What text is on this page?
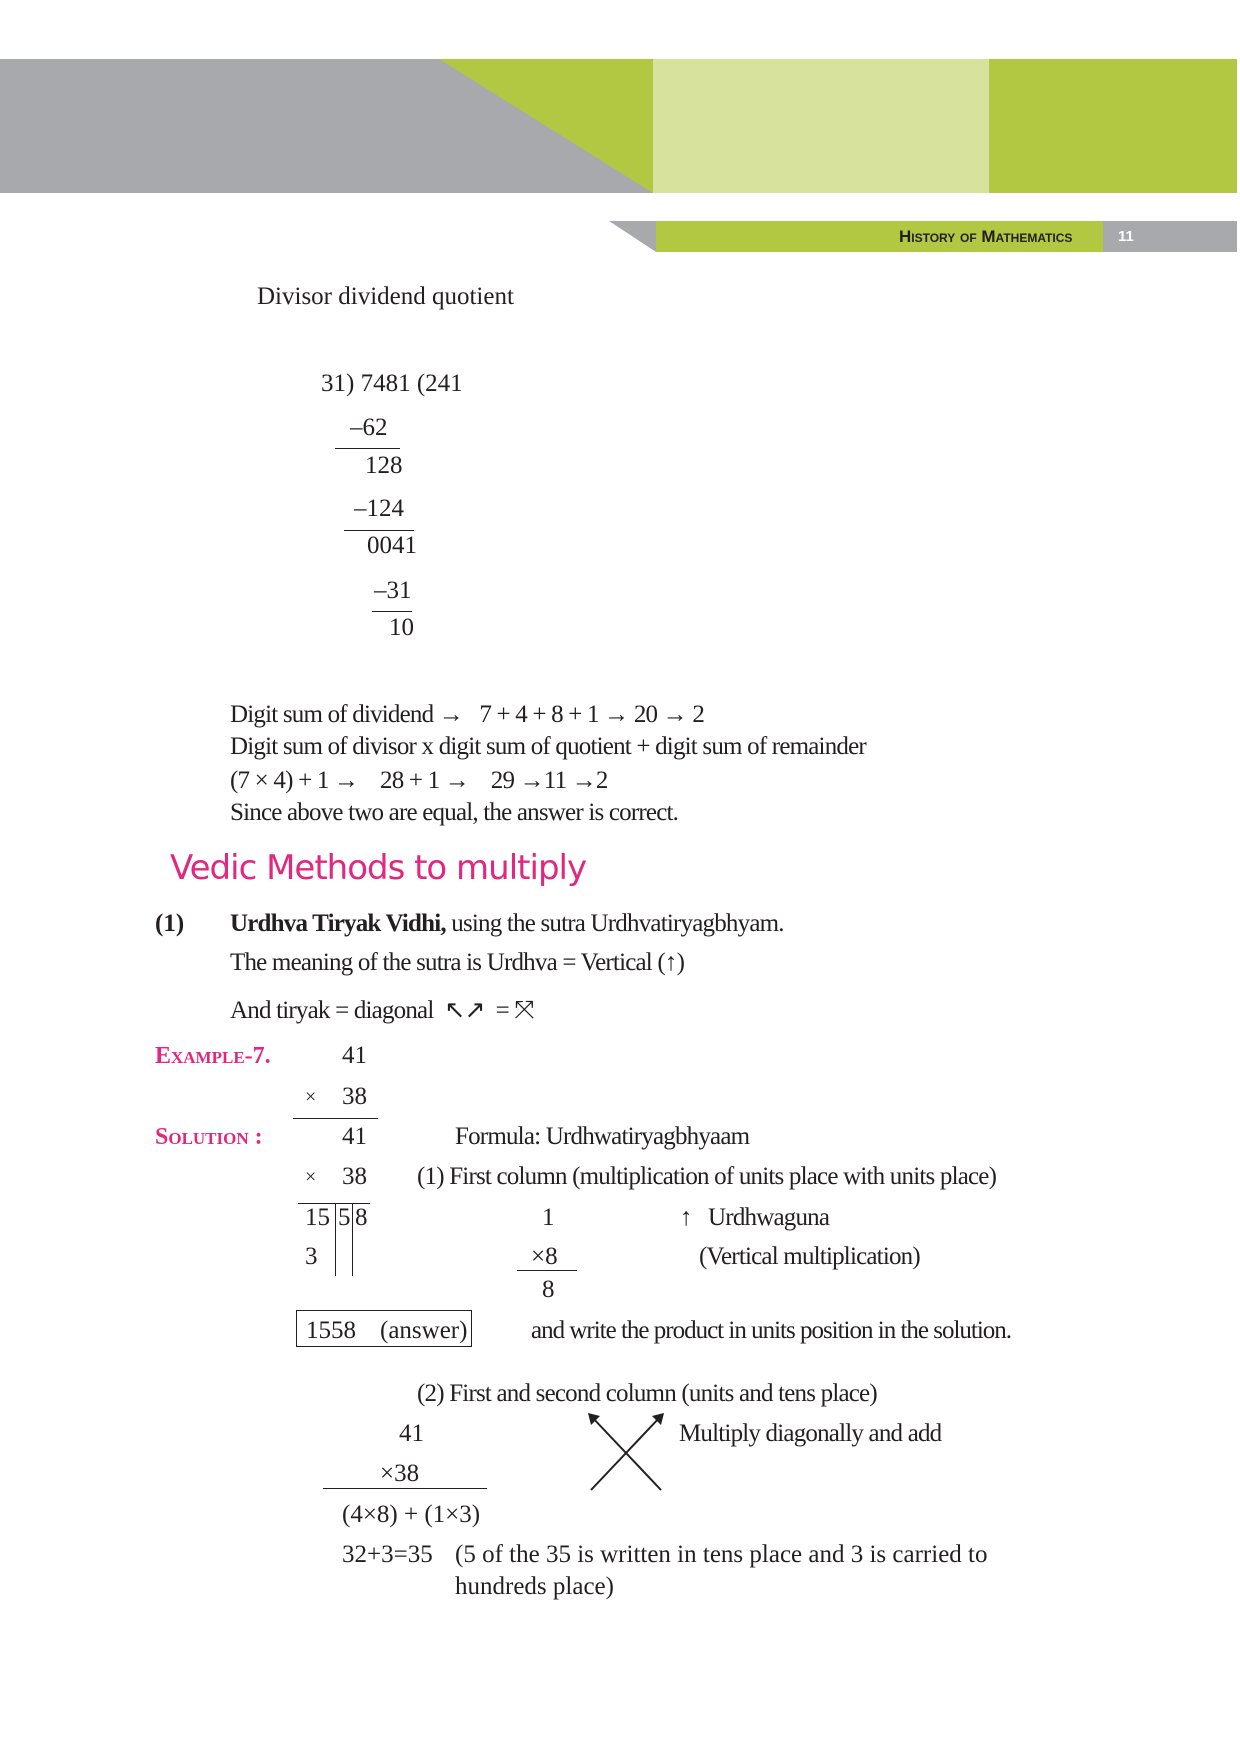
History of Mathematics	11
Divisor dividend quotient
31) 7481 (241
–62
128
–124
0041
–31
10
Digit sum of dividend →   7 + 4 + 8 + 1 → 20 → 2
Digit sum of divisor x digit sum of quotient + digit sum of remainder
(7 × 4) + 1 →    28 + 1 →    29 →11 →2
Since above two are equal, the answer is correct.
Vedic Methods to multiply
(1) Urdhva Tiryak Vidhi, using the sutra Urdhvatiryagbhyam.
The meaning of the sutra is Urdhva = Vertical (↑)
And tiryak = diagonal  ↖↗  = ⤧
Example-7.	41
× 38
Solution :	41	Formula: Urdhwatiryagbhyaam
× 38 (1) First column (multiplication of units place with units place)
15 5 8
3
1	↑   Urdhwaguna
×8	(Vertical multiplication)
8
1558 (answer)	and write the product in units position in the solution.
(2) First and second column (units and tens place)
41	Multiply diagonally and add
×38
(4×8) + (1×3)
32+3=35 (5 of the 35 is written in tens place and 3 is carried to
hundreds place)
